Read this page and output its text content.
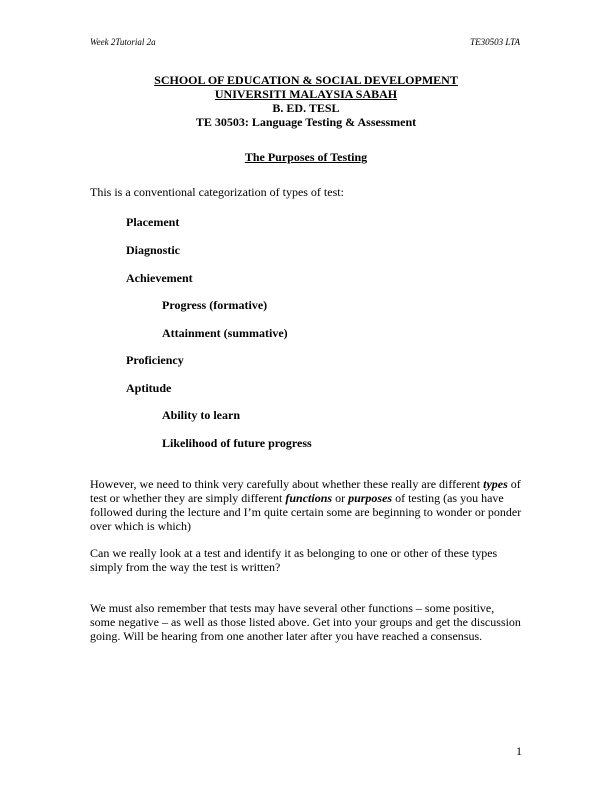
Week 2Tutorial 2a	TE30503 LTA
SCHOOL OF EDUCATION & SOCIAL DEVELOPMENT
UNIVERSITI MALAYSIA SABAH
B. ED. TESL
TE 30503: Language Testing & Assessment
The Purposes of Testing
This is a conventional categorization of types of test:
Placement
Diagnostic
Achievement
Progress (formative)
Attainment (summative)
Proficiency
Aptitude
Ability to learn
Likelihood of future progress

However, we need to think very carefully about whether these really are different types of test or whether they are simply different functions or purposes of testing (as you have followed during the lecture and I’m quite certain some are beginning to wonder or ponder over which is which)

Can we really look at a test and identify it as belonging to one or other of these types simply from the way the test is written?

We must also remember that tests may have several other functions – some positive, some negative – as well as those listed above. Get into your groups and get the discussion going. Will be hearing from one another later after you have reached a consensus.

1
